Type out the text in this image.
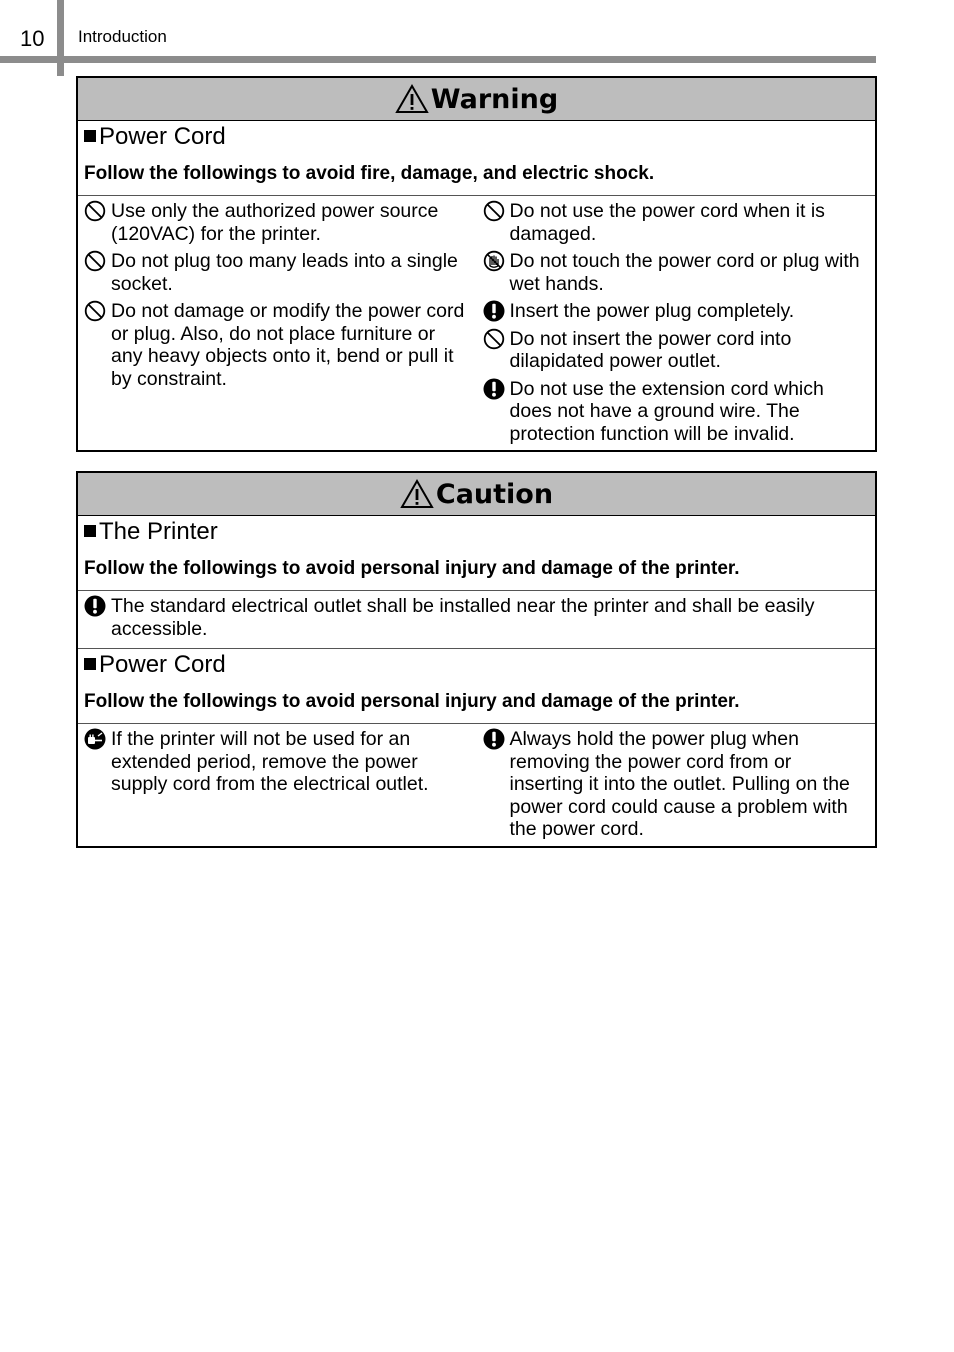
10 Introduction
Warning
Power Cord
Follow the followings to avoid fire, damage, and electric shock.
Use only the authorized power source (120VAC) for the printer.
Do not plug too many leads into a single socket.
Do not damage or modify the power cord or plug. Also, do not place furniture or any heavy objects onto it, bend or pull it by constraint.
Do not use the power cord when it is damaged.
Do not touch the power cord or plug with wet hands.
Insert the power plug completely.
Do not insert the power cord into dilapidated power outlet.
Do not use the extension cord which does not have a ground wire. The protection function will be invalid.
Caution
The Printer
Follow the followings to avoid personal injury and damage of the printer.
The standard electrical outlet shall be installed near the printer and shall be easily accessible.
Power Cord
Follow the followings to avoid personal injury and damage of the printer.
If the printer will not be used for an extended period, remove the power supply cord from the electrical outlet.
Always hold the power plug when removing the power cord from or inserting it into the outlet. Pulling on the power cord could cause a problem with the power cord.
